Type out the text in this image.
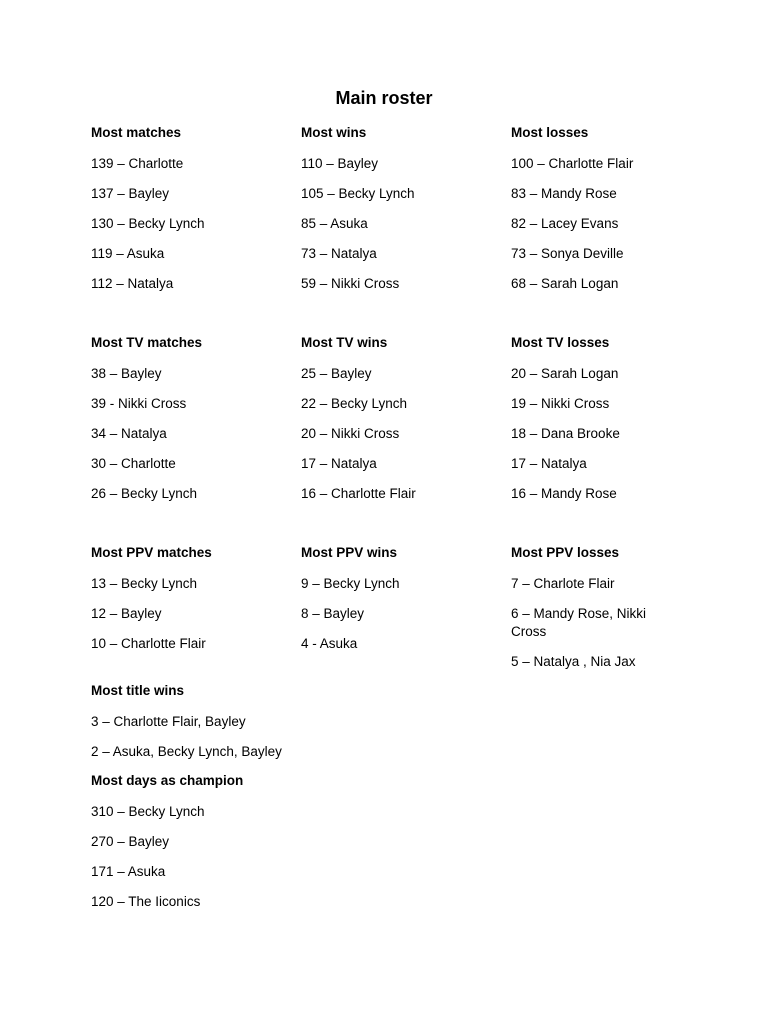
Main roster
Most matches
139 – Charlotte
137 – Bayley
130 – Becky Lynch
119 – Asuka
112 – Natalya
Most wins
110 – Bayley
105 – Becky Lynch
85 – Asuka
73 – Natalya
59 – Nikki Cross
Most losses
100 – Charlotte Flair
83 – Mandy Rose
82 – Lacey Evans
73 – Sonya Deville
68 – Sarah Logan
Most TV matches
38 – Bayley
39 - Nikki Cross
34 – Natalya
30 – Charlotte
26 – Becky Lynch
Most TV wins
25 – Bayley
22 – Becky Lynch
20 – Nikki Cross
17 – Natalya
16 – Charlotte Flair
Most TV losses
20 – Sarah Logan
19 – Nikki Cross
18 – Dana Brooke
17 – Natalya
16 – Mandy Rose
Most PPV matches
13 – Becky Lynch
12 – Bayley
10 – Charlotte Flair
Most PPV wins
9 – Becky Lynch
8 – Bayley
4 - Asuka
Most PPV losses
7 – Charlote Flair
6 – Mandy Rose, Nikki Cross
5 – Natalya , Nia Jax
Most title wins
3 – Charlotte Flair, Bayley
2 – Asuka, Becky Lynch, Bayley
Most days as champion
310 – Becky Lynch
270 – Bayley
171 – Asuka
120 – The Iiconics
